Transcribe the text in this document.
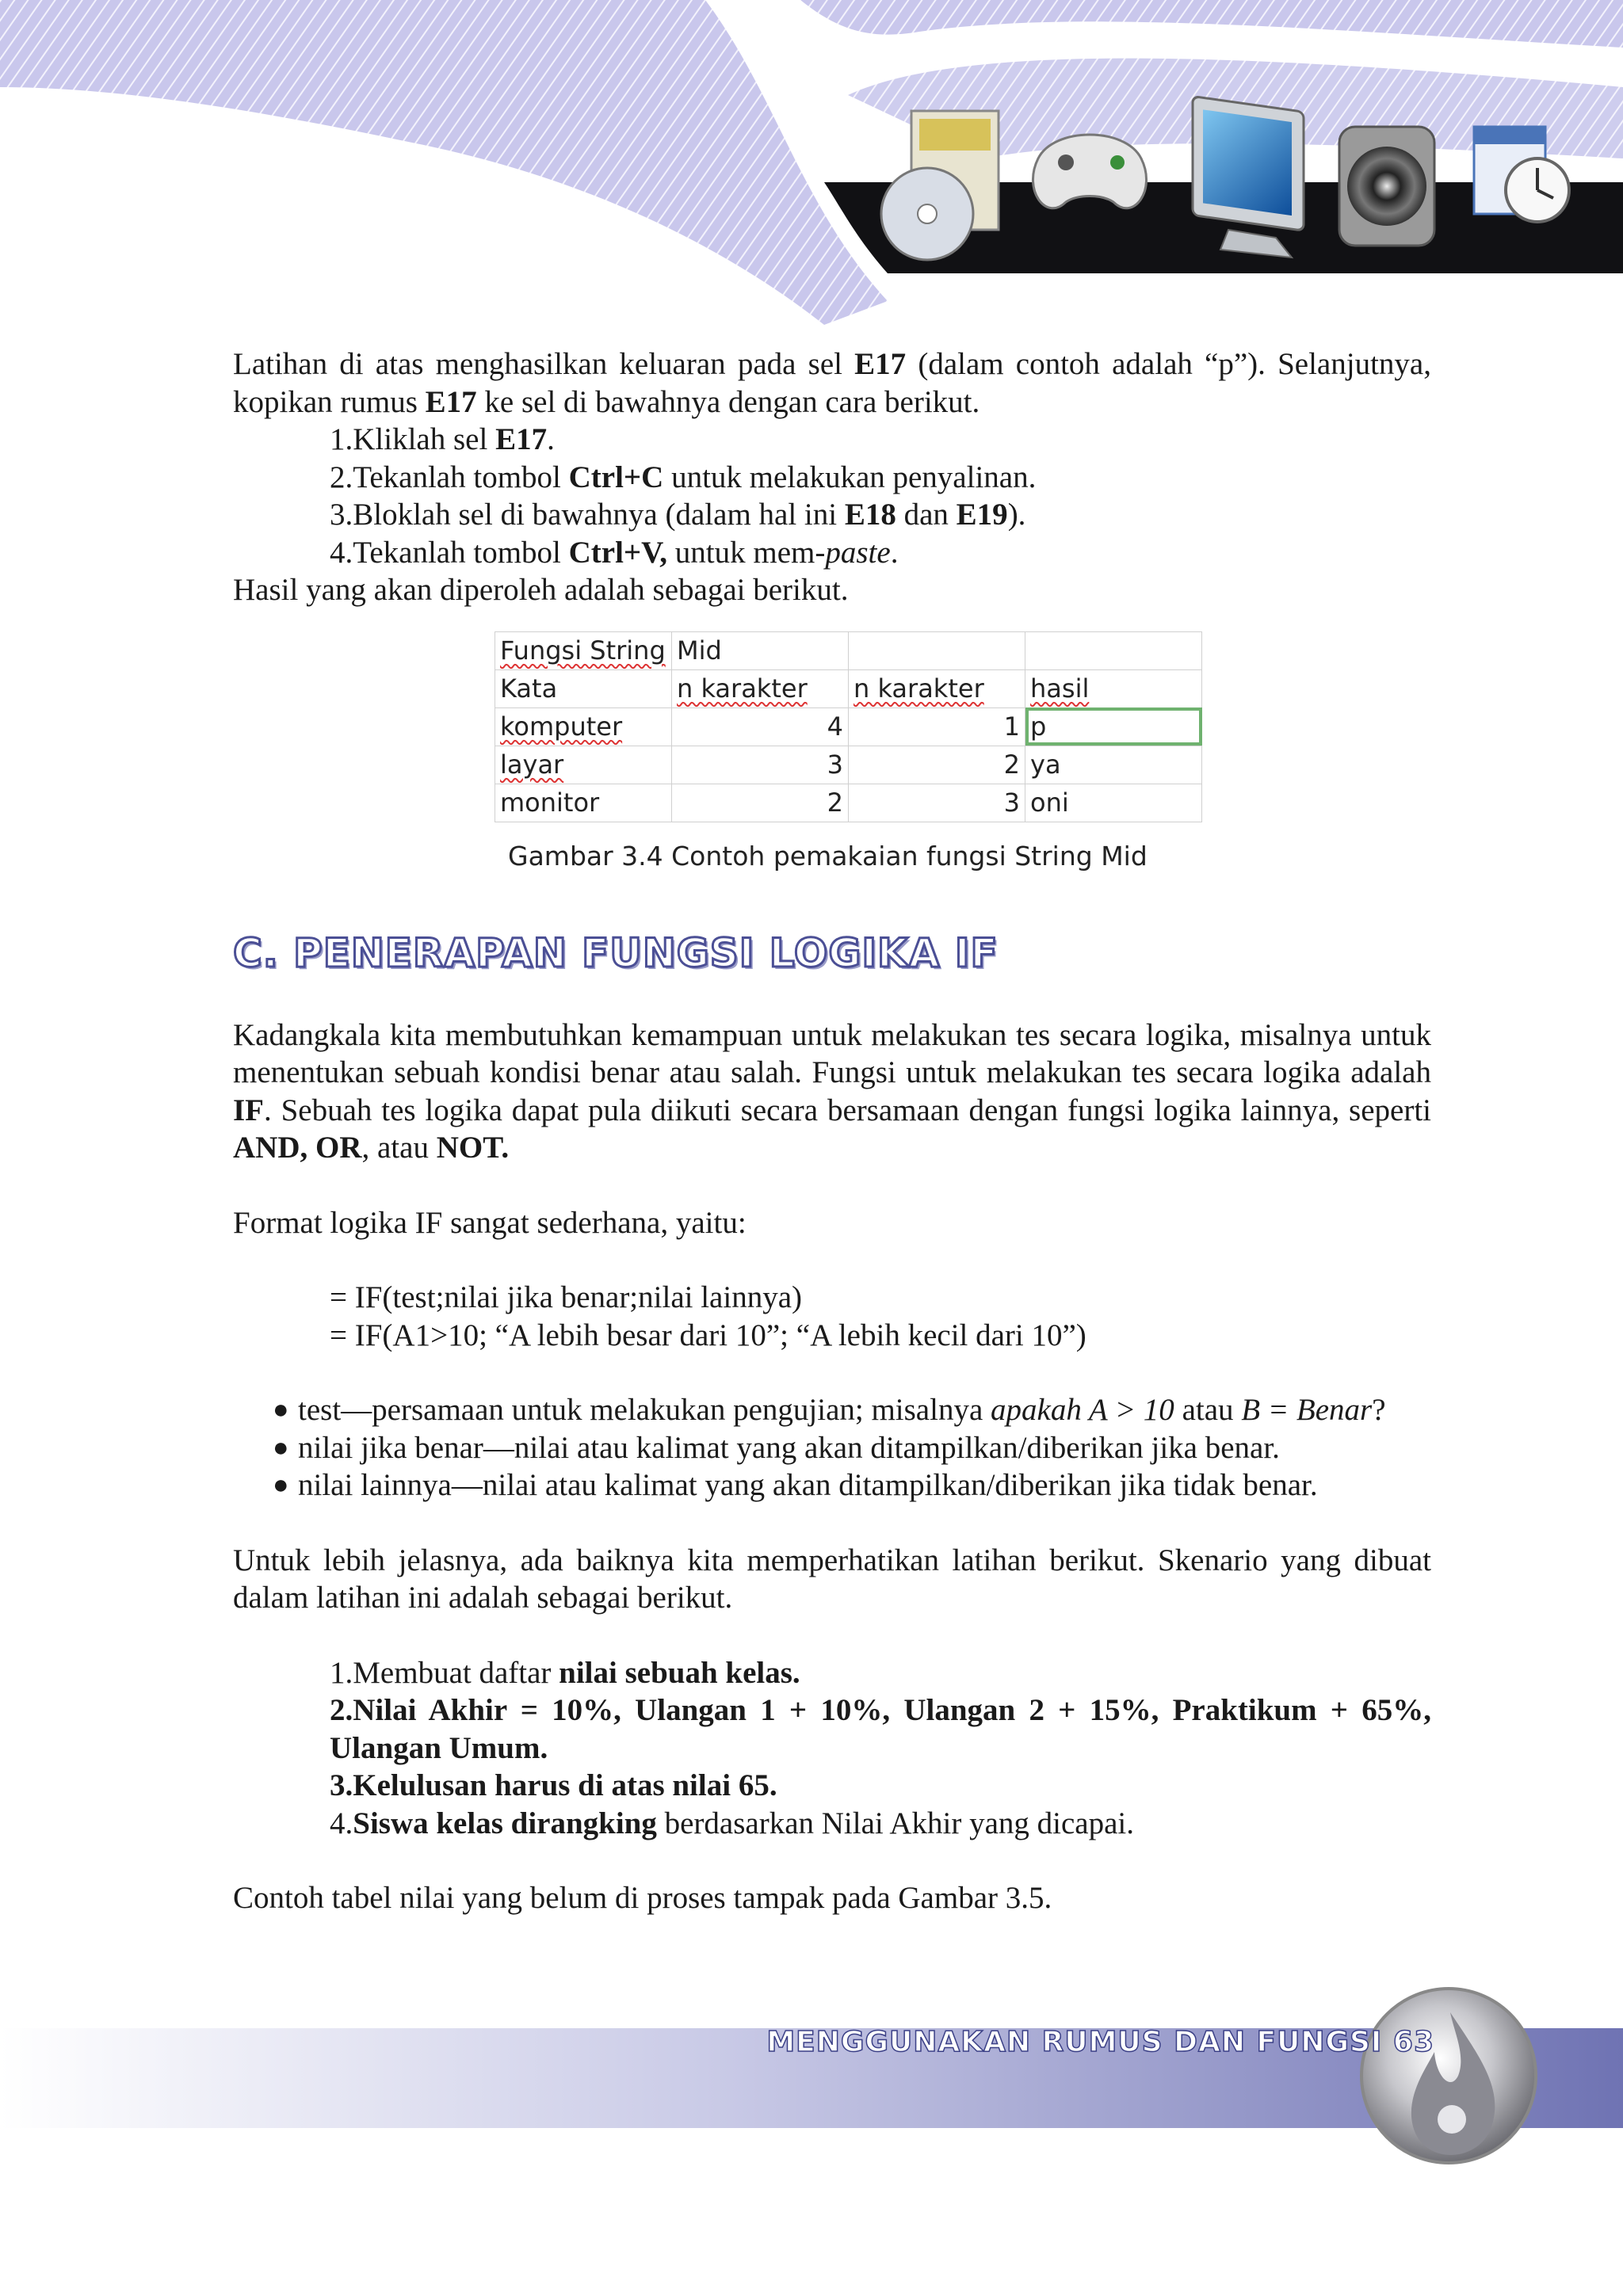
Latihan di atas menghasilkan keluaran pada sel E17 (dalam contoh adalah “p”). Selanjutnya, kopikan rumus E17 ke sel di bawahnya dengan cara berikut.

1.Kliklah sel E17.
2.Tekanlah tombol Ctrl+C untuk melakukan penyalinan.
3.Bloklah sel di bawahnya (dalam hal ini E18 dan E19).
4.Tekanlah tombol Ctrl+V, untuk mem-paste.

Hasil yang akan diperoleh adalah sebagai berikut.

Fungsi String	Mid		
Kata	n karakter	n karakter	hasil
komputer	4	1	p
layar	3	2	ya
monitor	2	3	oni
Gambar 3.4 Contoh pemakaian fungsi String Mid
C. PENERAPAN FUNGSI LOGIKA IF

Kadangkala kita membutuhkan kemampuan untuk melakukan tes secara logika, misalnya untuk menentukan sebuah kondisi benar atau salah. Fungsi untuk melakukan tes secara logika adalah IF. Sebuah tes logika dapat pula diikuti secara bersamaan dengan fungsi logika lainnya, seperti AND, OR, atau NOT.

Format logika IF sangat sederhana, yaitu:

= IF(test;nilai jika benar;nilai lainnya)
= IF(A1>10; “A lebih besar dari 10”; “A lebih kecil dari 10”)
● test—persamaan untuk melakukan pengujian; misalnya apakah A > 10 atau B = Benar?
● nilai jika benar—nilai atau kalimat yang akan ditampilkan/diberikan jika benar.
● nilai lainnya—nilai atau kalimat yang akan ditampilkan/diberikan jika tidak benar.

Untuk lebih jelasnya, ada baiknya kita memperhatikan latihan berikut. Skenario yang dibuat dalam latihan ini adalah sebagai berikut.

1.Membuat daftar nilai sebuah kelas.
2.Nilai Akhir = 10%, Ulangan 1 + 10%, Ulangan 2 + 15%, Praktikum + 65%, Ulangan Umum.
3.Kelulusan harus di atas nilai 65.
4.Siswa kelas dirangking berdasarkan Nilai Akhir yang dicapai.

Contoh tabel nilai yang belum di proses tampak pada Gambar 3.5.

MENGGUNAKAN RUMUS DAN FUNGSI 63
